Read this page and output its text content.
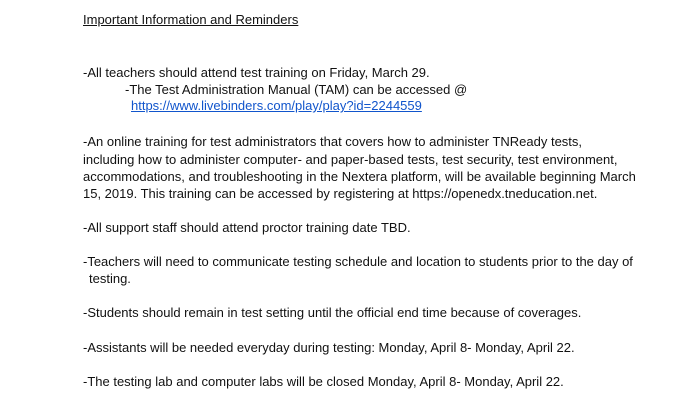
Important Information and Reminders
-All teachers should attend test training on Friday, March 29.
-The Test Administration Manual (TAM) can be accessed @
https://www.livebinders.com/play/play?id=2244559
-An online training for test administrators that covers how to administer TNReady tests,
including how to administer computer- and paper-based tests, test security, test environment,
accommodations, and troubleshooting in the Nextera platform, will be available beginning March
15, 2019. This training can be accessed by registering at https://openedx.tneducation.net.
-All support staff should attend proctor training date TBD.
-Teachers will need to communicate testing schedule and location to students prior to the day of
testing.
-Students should remain in test setting until the official end time because of coverages.
-Assistants will be needed everyday during testing: Monday, April 8- Monday, April 22.
-The testing lab and computer labs will be closed Monday, April 8- Monday, April 22.
